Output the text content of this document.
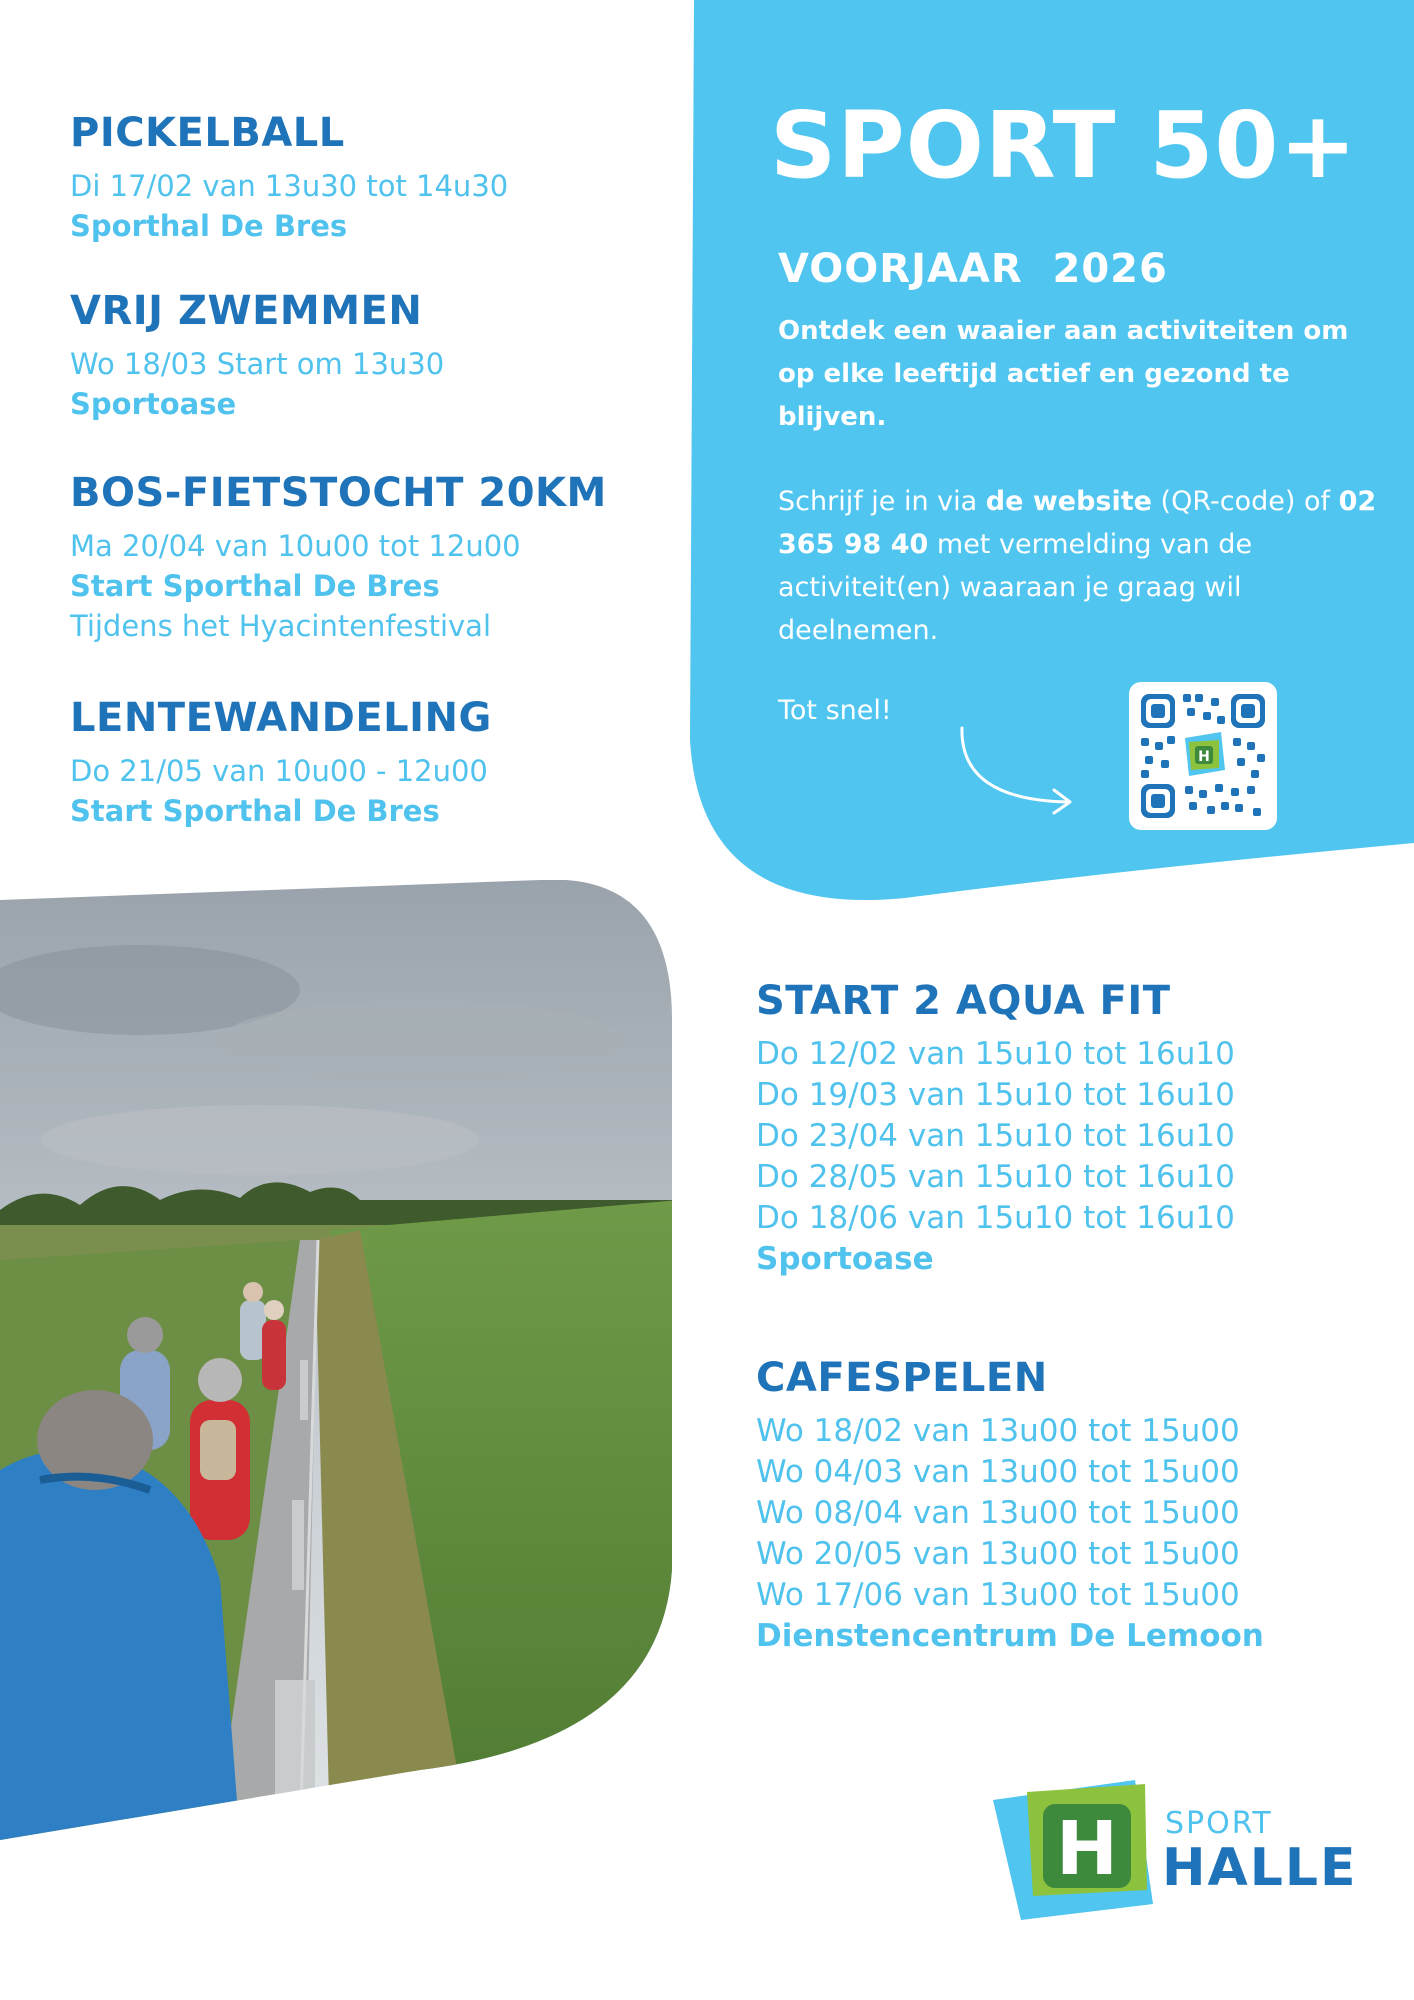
SPORT 50+
VOORJAAR  2026
Ontdek een waaier aan activiteiten om op elke leeftijd actief en gezond te blijven.
Schrijf je in via de website (QR-code) of 02 365 98 40 met vermelding van de activiteit(en) waaraan je graag wil deelnemen.
Tot snel!
H
PICKELBALL
Di 17/02 van 13u30 tot 14u30
Sporthal De Bres
VRIJ ZWEMMEN
Wo 18/03 Start om 13u30
Sportoase
BOS-FIETSTOCHT 20KM
Ma 20/04 van 10u00 tot 12u00
Start Sporthal De Bres
Tijdens het Hyacintenfestival
LENTEWANDELING
Do 21/05 van 10u00 - 12u00
Start Sporthal De Bres
START 2 AQUA FIT
Do 12/02 van 15u10 tot 16u10
Do 19/03 van 15u10 tot 16u10
Do 23/04 van 15u10 tot 16u10
Do 28/05 van 15u10 tot 16u10
Do 18/06 van 15u10 tot 16u10
Sportoase
CAFESPELEN
Wo 18/02 van 13u00 tot 15u00
Wo 04/03 van 13u00 tot 15u00
Wo 08/04 van 13u00 tot 15u00
Wo 20/05 van 13u00 tot 15u00
Wo 17/06 van 13u00 tot 15u00
Dienstencentrum De Lemoon
H SPORT
HALLE
